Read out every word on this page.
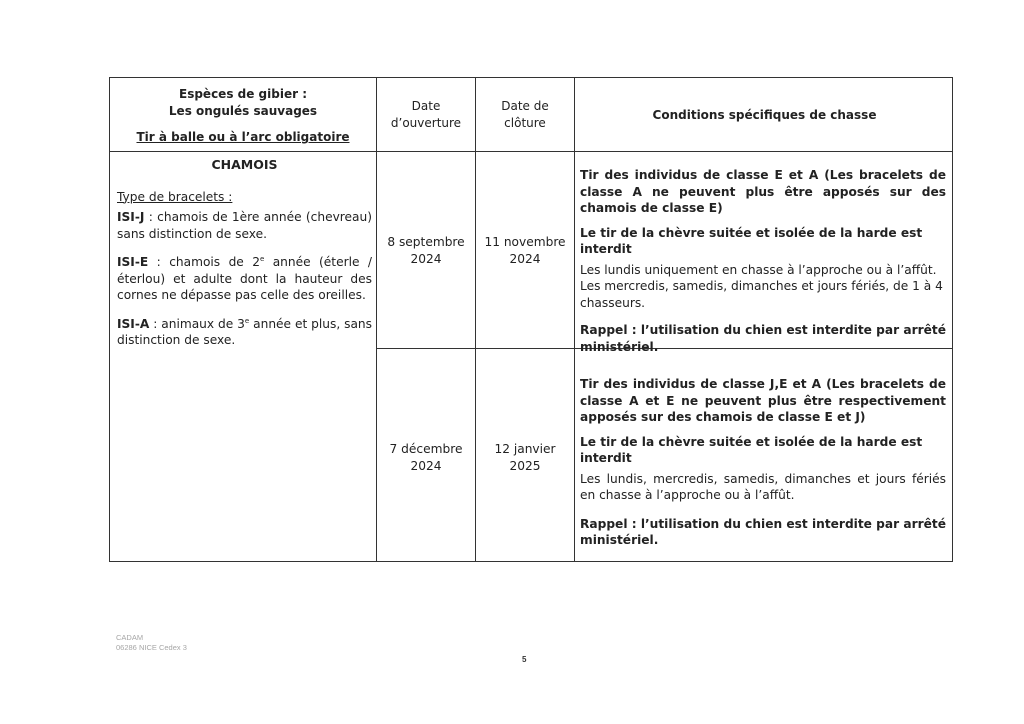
Espèces de gibier :

Les ongulés sauvages

Tir à balle ou à l’arc obligatoire

Date d’ouverture

Date de clôture

Conditions spécifiques de chasse

CHAMOIS

Type de bracelets :

ISI-J : chamois de 1ère année (chevreau) sans distinction de sexe.

ISI-E : chamois de 2e année (éterle /éterlou) et adulte dont la hauteur des cornes ne dépasse pas celle des oreilles.

ISI-A : animaux de 3e année et plus, sans distinction de sexe.

8 septembre 2024
11 novembre 2024

Tir des individus de classe E et A (Les bracelets de classe A ne peuvent plus être apposés sur des chamois de classe E)

Le tir de la chèvre suitée et isolée de la harde est interdit

Les lundis uniquement en chasse à l’approche ou à l’affût.

Les mercredis, samedis, dimanches et jours fériés, de 1 à 4 chasseurs.

Rappel : l’utilisation du chien est interdite par arrêté ministériel.

7 décembre 2024
12 janvier 2025

Tir des individus de classe J,E et A (Les bracelets de classe A et E ne peuvent plus être respectivement apposés sur des chamois de classe E et J)

Le tir de la chèvre suitée et isolée de la harde est interdit

Les lundis, mercredis, samedis, dimanches et jours fériés en chasse à l’approche ou à l’affût.

Rappel : l’utilisation du chien est interdite par arrêté ministériel.

CADAM
06286 NICE Cedex 3
5
